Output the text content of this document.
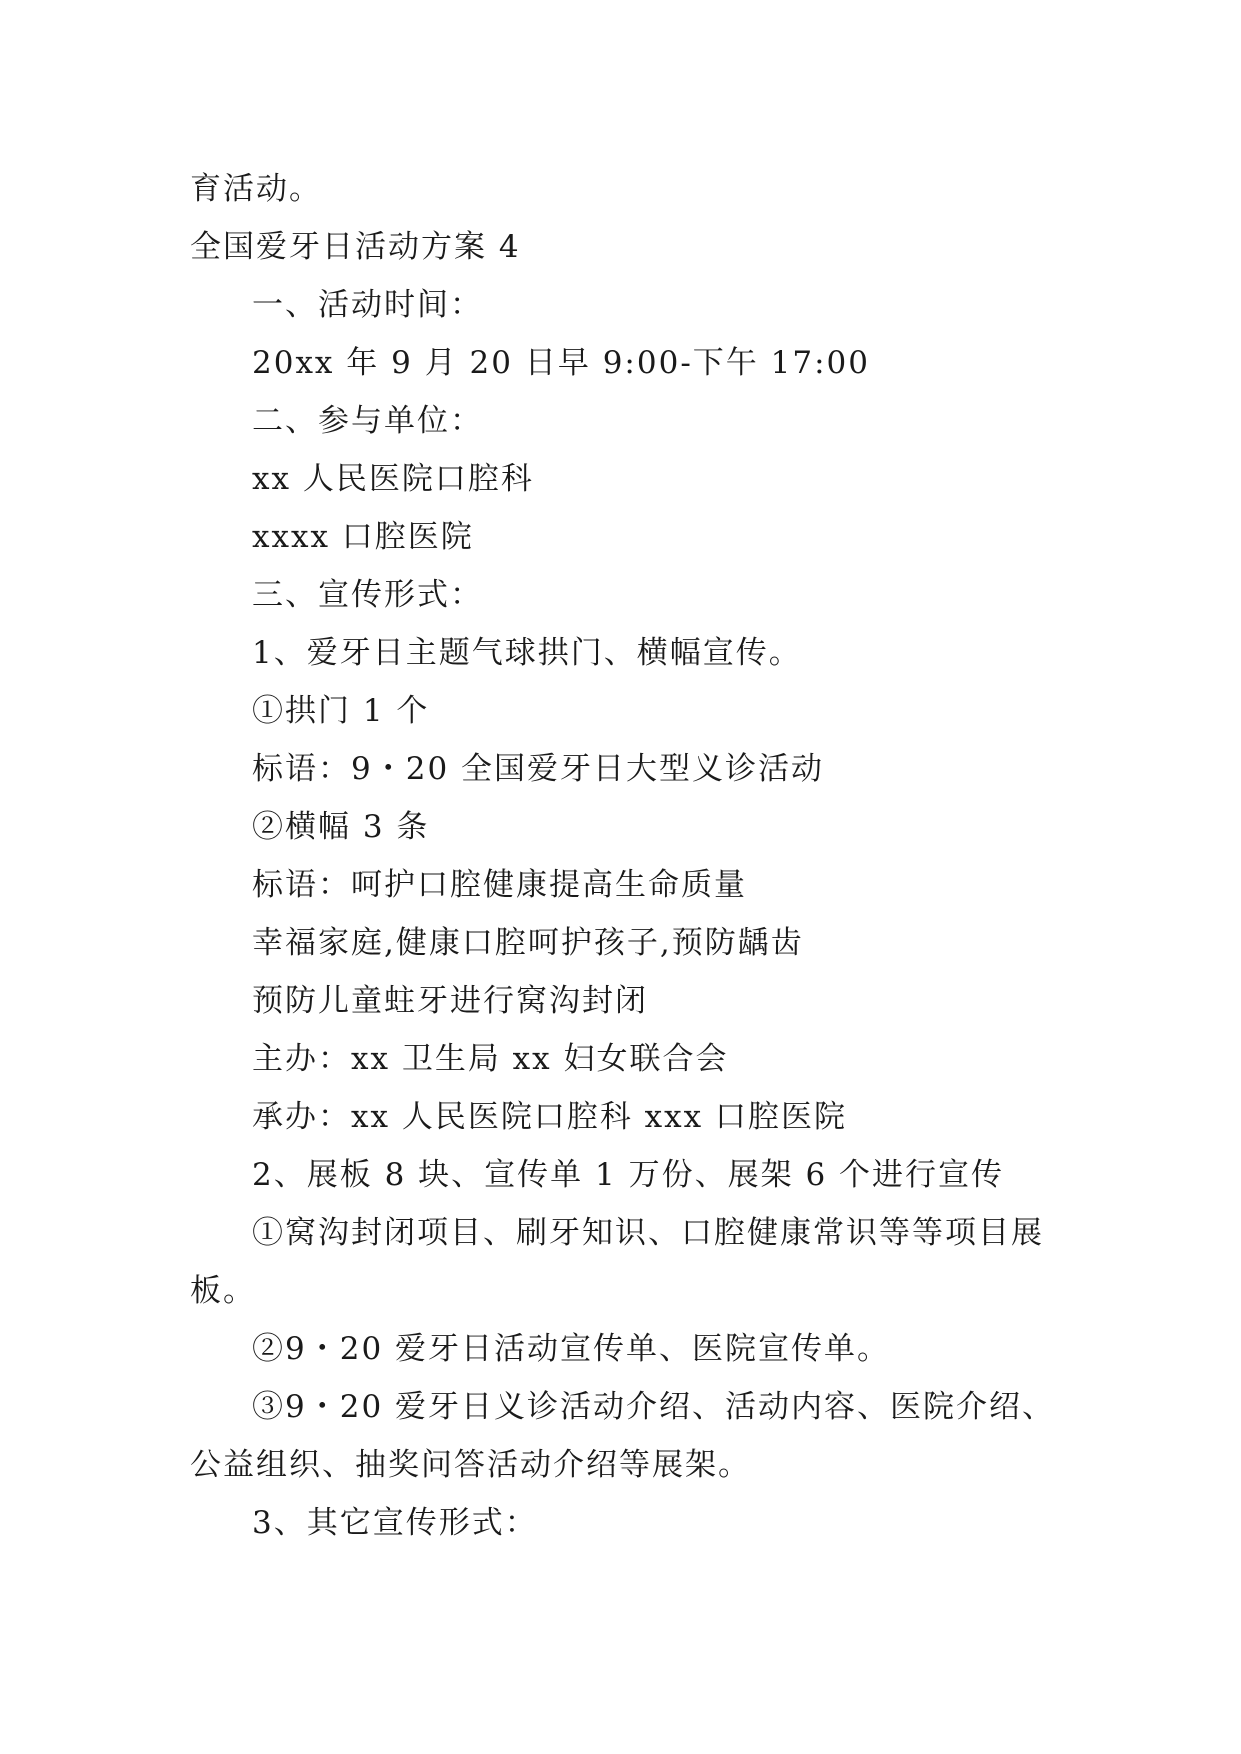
育活动。

全国爱牙日活动方案 4

一、活动时间：

20xx 年 9 月 20 日早 9:00-下午 17:00

二、参与单位：

xx 人民医院口腔科

xxxx 口腔医院

三、宣传形式：

1、爱牙日主题气球拱门、横幅宣传。

①拱门 1 个

标语：9・20 全国爱牙日大型义诊活动

②横幅 3 条

标语：呵护口腔健康提高生命质量

幸福家庭,健康口腔呵护孩子,预防龋齿

预防儿童蛀牙进行窝沟封闭

主办：xx 卫生局 xx 妇女联合会

承办：xx 人民医院口腔科 xxx 口腔医院

2、展板 8 块、宣传单 1 万份、展架 6 个进行宣传

①窝沟封闭项目、刷牙知识、口腔健康常识等等项目展

板。

②9・20 爱牙日活动宣传单、医院宣传单。

③9・20 爱牙日义诊活动介绍、活动内容、医院介绍、

公益组织、抽奖问答活动介绍等展架。

3、其它宣传形式：
